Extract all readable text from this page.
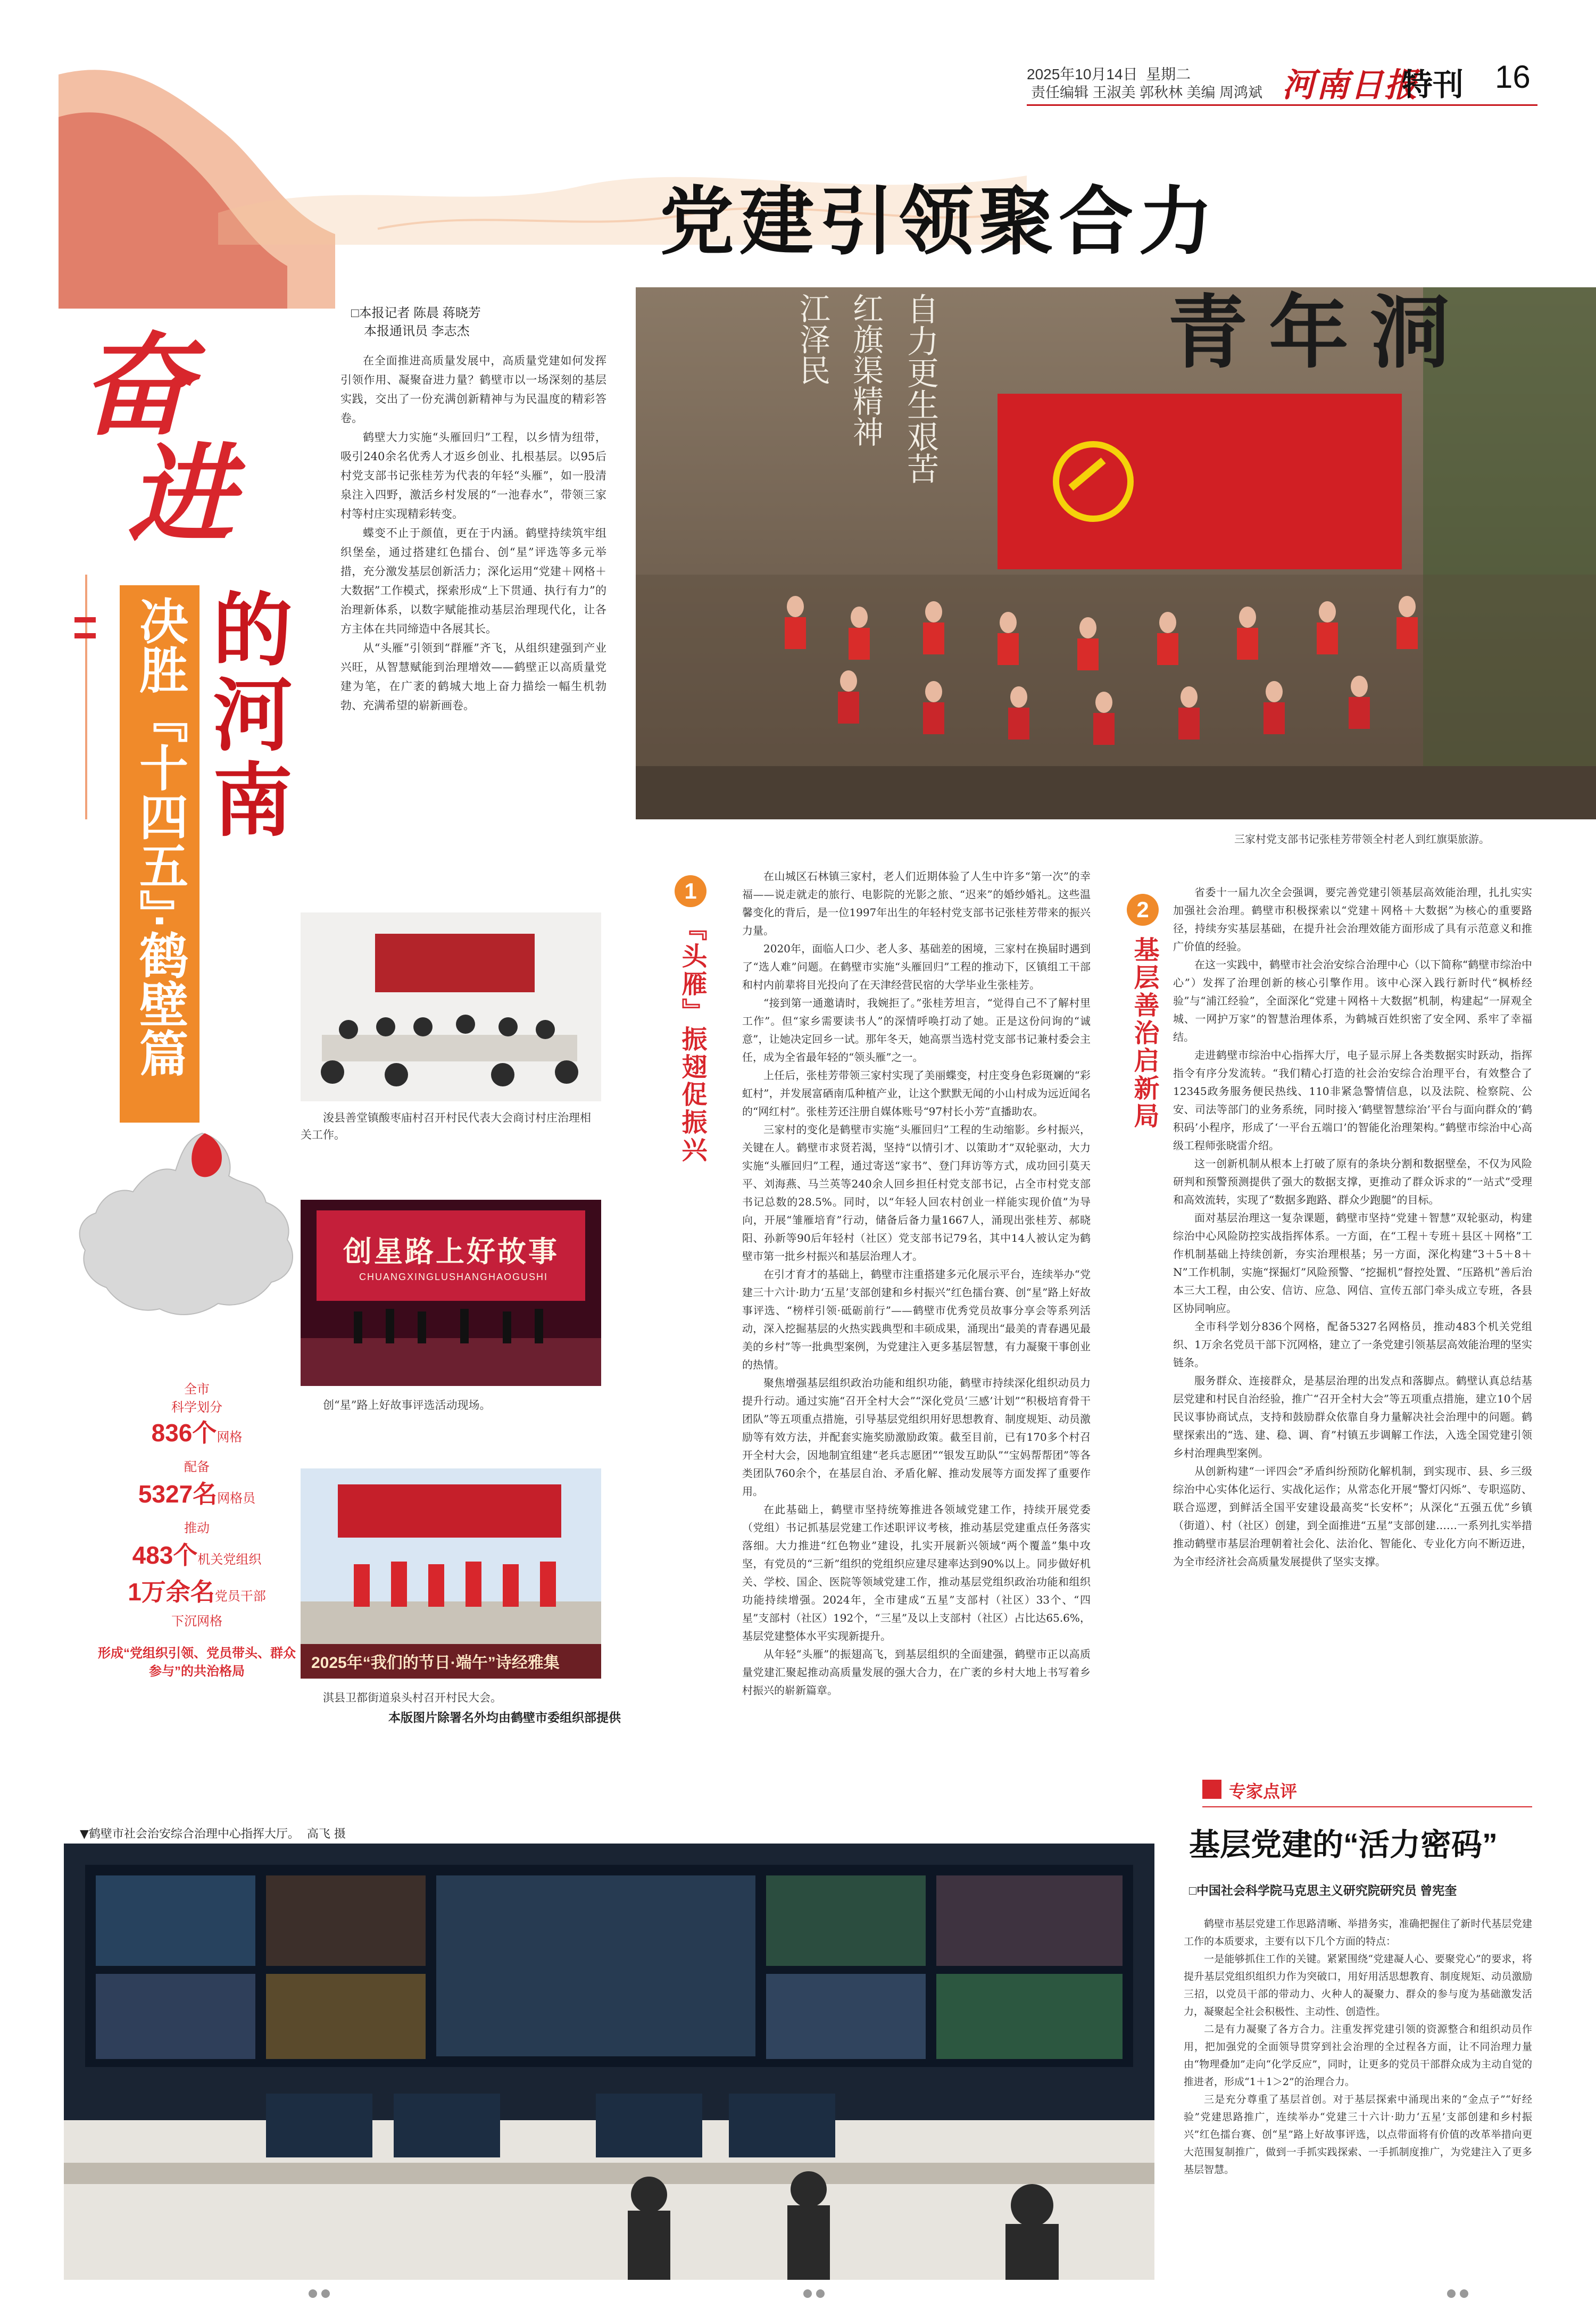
2025年10月14日 星期二
责任编辑 王淑美 郭秋林 美编 周鸿斌 河南日报
特刊 16
党建引领聚合力
奋
进
的
河
南
决胜『十四五』·鹤壁篇
全市
科学划分
836个网格
配备
5327名网格员
推动
483个机关党组织
1万余名党员干部
下沉网格
形成“党组织引领、党员带头、群众参与”的共治格局
□本报记者 陈晨 蒋晓芳
本报通讯员 李志杰

在全面推进高质量发展中，高质量党建如何发挥引领作用、凝聚奋进力量？鹤壁市以一场深刻的基层实践，交出了一份充满创新精神与为民温度的精彩答卷。

鹤壁大力实施“头雁回归”工程，以乡情为纽带，吸引240余名优秀人才返乡创业、扎根基层。以95后村党支部书记张桂芳为代表的年轻“头雁”，如一股清泉注入四野，激活乡村发展的“一池春水”，带领三家村等村庄实现精彩转变。

蝶变不止于颜值，更在于内涵。鹤壁持续筑牢组织堡垒，通过搭建红色擂台、创“星”评选等多元举措，充分激发基层创新活力；深化运用“党建＋网格＋大数据”工作模式，探索形成“上下贯通、执行有力”的治理新体系，以数字赋能推动基层治理现代化，让各方主体在共同缔造中各展其长。

从“头雁”引领到“群雁”齐飞，从组织建强到产业兴旺，从智慧赋能到治理增效——鹤壁正以高质量党建为笔，在广袤的鹤城大地上奋力描绘一幅生机勃勃、充满希望的崭新画卷。

青年洞
自力更生艰苦
红旗渠精神
江泽民
三家村党支部书记张桂芳带领全村老人到红旗渠旅游。

浚县善堂镇酸枣庙村召开村民代表大会商讨村庄治理相关工作。

创星路上好故事
CHUANGXINGLUSHANGHAOGUSHI

创“星”路上好故事评选活动现场。

2025年“我们的节日·端午”诗经雅集

淇县卫都街道泉头村召开村民大会。

本版图片除署名外均由鹤壁市委组织部提供
1
『头雁』振翅促振兴

在山城区石林镇三家村，老人们近期体验了人生中许多“第一次”的幸福——说走就走的旅行、电影院的光影之旅、“迟来”的婚纱婚礼。这些温馨变化的背后，是一位1997年出生的年轻村党支部书记张桂芳带来的振兴力量。

2020年，面临人口少、老人多、基础差的困境，三家村在换届时遇到了“选人难”问题。在鹤壁市实施“头雁回归”工程的推动下，区镇组工干部和村内前辈将目光投向了在天津经营民宿的大学毕业生张桂芳。

“接到第一通邀请时，我婉拒了。”张桂芳坦言，“觉得自己不了解村里工作”。但“家乡需要读书人”的深情呼唤打动了她。正是这份问询的“诚意”，让她决定回乡一试。那年冬天，她高票当选村党支部书记兼村委会主任，成为全省最年轻的“领头雁”之一。

上任后，张桂芳带领三家村实现了美丽蝶变，村庄变身色彩斑斓的“彩虹村”，并发展富硒南瓜种植产业，让这个默默无闻的小山村成为远近闻名的“网红村”。张桂芳还注册自媒体账号“97村长小芳”直播助农。

三家村的变化是鹤壁市实施“头雁回归”工程的生动缩影。乡村振兴，关键在人。鹤壁市求贤若渴，坚持“以情引才、以策助才”双轮驱动，大力实施“头雁回归”工程，通过寄送“家书”、登门拜访等方式，成功回引莫天平、刘海燕、马兰英等240余人回乡担任村党支部书记，占全市村党支部书记总数的28.5%。同时，以“年轻人回农村创业一样能实现价值”为导向，开展“雏雁培育”行动，储备后备力量1667人，涌现出张桂芳、郝晓阳、孙新等90后年轻村（社区）党支部书记79名，其中14人被认定为鹤壁市第一批乡村振兴和基层治理人才。

在引才育才的基础上，鹤壁市注重搭建多元化展示平台，连续举办“党建三十六计·助力‘五星’支部创建和乡村振兴”红色擂台赛、创“星”路上好故事评选、“榜样引领·砥砺前行”——鹤壁市优秀党员故事分享会等系列活动，深入挖掘基层的火热实践典型和丰硕成果，涌现出“最美的青春遇见最美的乡村”等一批典型案例，为党建注入更多基层智慧，有力凝聚干事创业的热情。

聚焦增强基层组织政治功能和组织功能，鹤壁市持续深化组织动员力提升行动。通过实施“召开全村大会”“深化党员‘三感’计划”“积极培育骨干团队”等五项重点措施，引导基层党组织用好思想教育、制度规矩、动员激励等有效方法，并配套实施奖励激励政策。截至目前，已有170多个村召开全村大会，因地制宜组建“老兵志愿团”“银发互助队”“宝妈帮帮团”等各类团队760余个，在基层自治、矛盾化解、推动发展等方面发挥了重要作用。

在此基础上，鹤壁市坚持统筹推进各领域党建工作，持续开展党委（党组）书记抓基层党建工作述职评议考核，推动基层党建重点任务落实落细。大力推进“红色物业”建设，扎实开展新兴领域“两个覆盖”集中攻坚，有党员的“三新”组织的党组织应建尽建率达到90%以上。同步做好机关、学校、国企、医院等领域党建工作，推动基层党组织政治功能和组织功能持续增强。2024年，全市建成“五星”支部村（社区）33个、“四星”支部村（社区）192个，“三星”及以上支部村（社区）占比达65.6%，基层党建整体水平实现新提升。

从年轻“头雁”的振翅高飞，到基层组织的全面建强，鹤壁市正以高质量党建汇聚起推动高质量发展的强大合力，在广袤的乡村大地上书写着乡村振兴的崭新篇章。

2
基层善治启新局

省委十一届九次全会强调，要完善党建引领基层高效能治理，扎扎实实加强社会治理。鹤壁市积极探索以“党建＋网格＋大数据”为核心的重要路径，持续夯实基层基础，在提升社会治理效能方面形成了具有示范意义和推广价值的经验。

在这一实践中，鹤壁市社会治安综合治理中心（以下简称“鹤壁市综治中心”）发挥了治理创新的核心引擎作用。该中心深入践行新时代“枫桥经验”与“浦江经验”，全面深化“党建＋网格＋大数据”机制，构建起“一屏观全城、一网护万家”的智慧治理体系，为鹤城百姓织密了安全网、系牢了幸福结。

走进鹤壁市综治中心指挥大厅，电子显示屏上各类数据实时跃动，指挥指令有序分发流转。“我们精心打造的社会治安综合治理平台，有效整合了12345政务服务便民热线、110非紧急警情信息，以及法院、检察院、公安、司法等部门的业务系统，同时接入‘鹤壁智慧综治’平台与面向群众的‘鹤积码’小程序，形成了‘一平台五端口’的智能化治理架构。”鹤壁市综治中心高级工程师张晓雷介绍。

这一创新机制从根本上打破了原有的条块分割和数据壁垒，不仅为风险研判和预警预测提供了强大的数据支撑，更推动了群众诉求的“一站式”受理和高效流转，实现了“数据多跑路、群众少跑腿”的目标。

面对基层治理这一复杂课题，鹤壁市坚持“党建＋智慧”双轮驱动，构建综治中心风险防控实战指挥体系。一方面，在“工程＋专班＋县区＋网格”工作机制基础上持续创新，夯实治理根基；另一方面，深化构建“3＋5＋8＋N”工作机制，实施“探掘灯”风险预警、“挖掘机”督控处置、“压路机”善后治本三大工程，由公安、信访、应急、网信、宣传五部门牵头成立专班，各县区协同响应。

全市科学划分836个网格，配备5327名网格员，推动483个机关党组织、1万余名党员干部下沉网格，建立了一条党建引领基层高效能治理的坚实链条。

服务群众、连接群众，是基层治理的出发点和落脚点。鹤壁认真总结基层党建和村民自治经验，推广“召开全村大会”等五项重点措施，建立10个居民议事协商试点，支持和鼓励群众依靠自身力量解决社会治理中的问题。鹤壁探索出的“选、建、稳、调、育”村镇五步调解工作法，入选全国党建引领乡村治理典型案例。

从创新构建“一评四会”矛盾纠纷预防化解机制，到实现市、县、乡三级综治中心实体化运行、实战化运作；从常态化开展“警灯闪烁”、专职巡防、联合巡逻，到鲜活全国平安建设最高奖“长安杯”；从深化“五强五优”乡镇（街道）、村（社区）创建，到全面推进“五星”支部创建……一系列扎实举措推动鹤壁市基层治理朝着社会化、法治化、智能化、专业化方向不断迈进，为全市经济社会高质量发展提供了坚实支撑。

专家点评
基层党建的“活力密码”
□中国社会科学院马克思主义研究院研究员 曾宪奎

鹤壁市基层党建工作思路清晰、举措务实，准确把握住了新时代基层党建工作的本质要求，主要有以下几个方面的特点：

一是能够抓住工作的关键。紧紧围绕“党建凝人心、要聚党心”的要求，将提升基层党组织组织力作为突破口，用好用活思想教育、制度规矩、动员激励三招，以党员干部的带动力、火种人的凝聚力、群众的参与度为基础激发活力，凝聚起全社会积极性、主动性、创造性。

二是有力凝聚了各方合力。注重发挥党建引领的资源整合和组织动员作用，把加强党的全面领导贯穿到社会治理的全过程各方面，让不同治理力量由“物理叠加”走向“化学反应”，同时，让更多的党员干部群众成为主动自觉的推进者，形成“1＋1＞2”的治理合力。

三是充分尊重了基层首创。对于基层探索中涌现出来的“金点子”“好经验”党建思路推广，连续举办“党建三十六计·助力‘五星’支部创建和乡村振兴”红色擂台赛、创“星”路上好故事评选，以点带面将有价值的改革举措向更大范围复制推广，做到一手抓实践探索、一手抓制度推广，为党建注入了更多基层智慧。

▼鹤壁市社会治安综合治理中心指挥大厅。 高飞 摄
